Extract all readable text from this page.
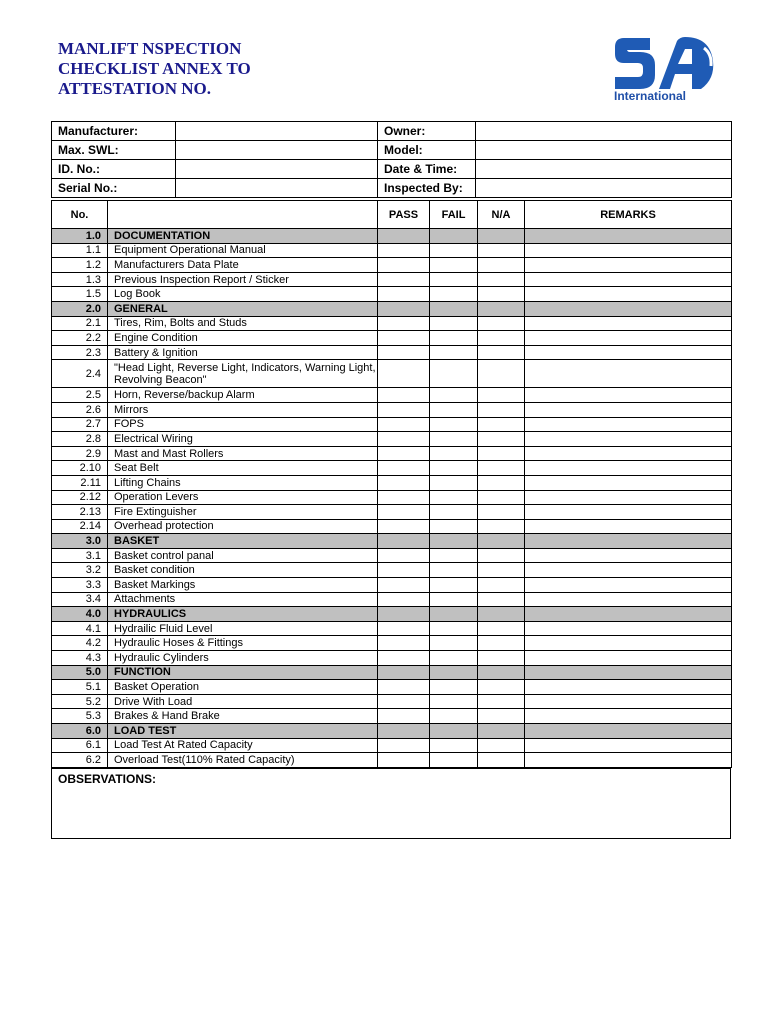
MANLIFT NSPECTION
CHECKLIST ANNEX TO
ATTESTATION NO.	International
Manufacturer:		Owner:	
Max. SWL:		Model:	
ID. No.:		Date & Time:	
Serial No.:		Inspected By:	
No.		PASS	FAIL	N/A	REMARKS
1.0	DOCUMENTATION				
1.1	Equipment Operational Manual				
1.2	Manufacturers Data Plate				
1.3	Previous Inspection Report / Sticker				
1.5	Log Book				
2.0	GENERAL				
2.1	Tires, Rim, Bolts and Studs				
2.2	Engine Condition				
2.3	Battery & Ignition				
2.4	"Head Light, Reverse Light, Indicators, Warning Light, Revolving Beacon"				
2.5	Horn, Reverse/backup Alarm				
2.6	Mirrors				
2.7	FOPS				
2.8	Electrical Wiring				
2.9	Mast and Mast Rollers				
2.10	Seat Belt				
2.11	Lifting Chains				
2.12	Operation Levers				
2.13	Fire Extinguisher				
2.14	Overhead protection				
3.0	BASKET				
3.1	Basket control panal				
3.2	Basket condition				
3.3	Basket Markings				
3.4	Attachments				
4.0	HYDRAULICS				
4.1	Hydrailic Fluid Level				
4.2	Hydraulic Hoses & Fittings				
4.3	Hydraulic Cylinders				
5.0	FUNCTION				
5.1	Basket Operation				
5.2	Drive With Load				
5.3	Brakes & Hand Brake				
6.0	LOAD TEST				
6.1	Load Test At Rated Capacity				
6.2	Overload Test(110% Rated Capacity)				
OBSERVATIONS:
